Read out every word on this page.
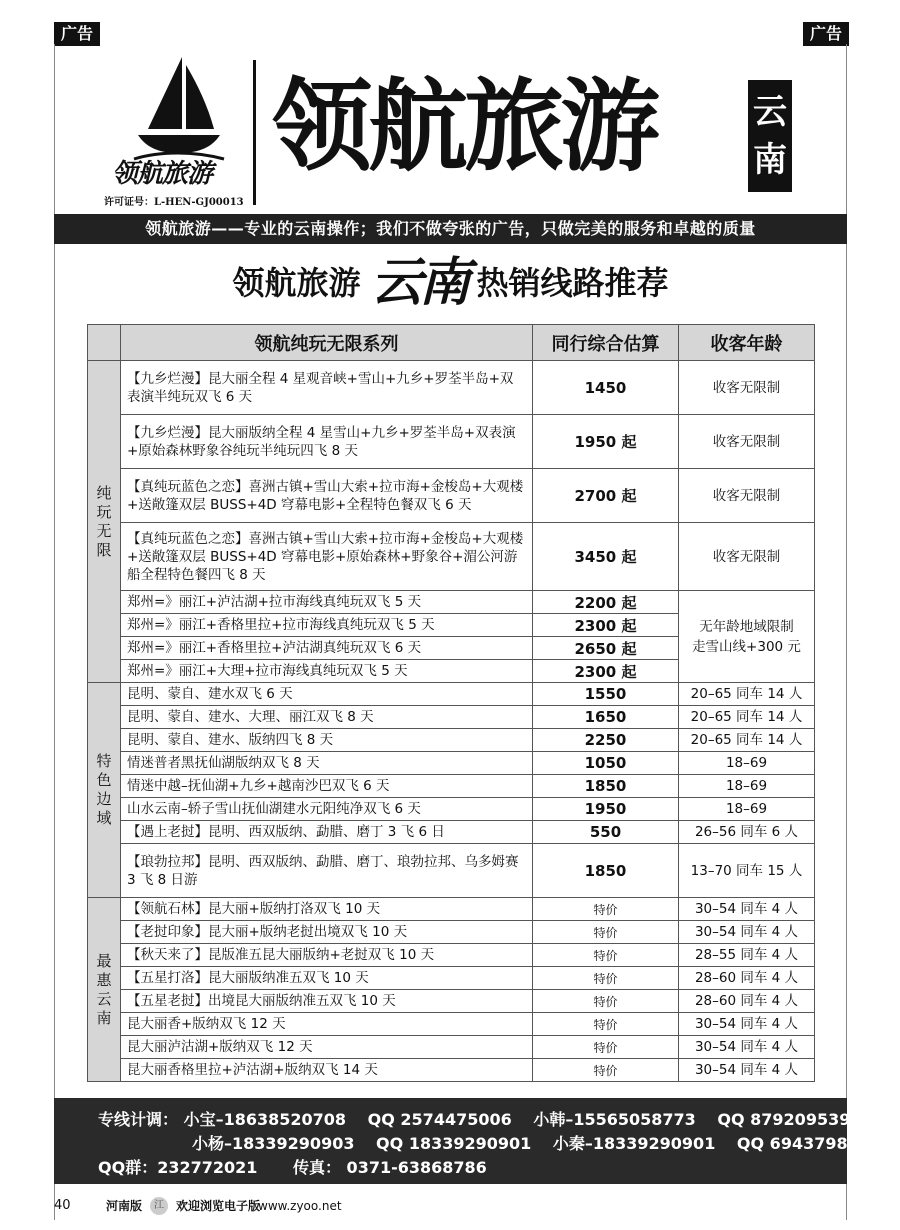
广告	广告
领航旅游
许可证号：L-HEN-GJ00013
领航旅游	云
南
领航旅游——专业的云南操作；我们不做夸张的广告，只做完美的服务和卓越的质量
领航旅游 云南 热销线路推荐
	领航纯玩无限系列	同行综合估算	收客年龄
纯
玩
无
限	【九乡烂漫】昆大丽全程 4 星观音峡+雪山+九乡+罗荃半岛+双表演半纯玩双飞 6 天	1450	收客无限制
	【九乡烂漫】昆大丽版纳全程 4 星雪山+九乡+罗荃半岛+双表演+原始森林野象谷纯玩半纯玩四飞 8 天	1950 起	收客无限制
	【真纯玩蓝色之恋】喜洲古镇+雪山大索+拉市海+金梭岛+大观楼+送敞篷双层 BUSS+4D 穹幕电影+全程特色餐双飞 6 天	2700 起	收客无限制
	【真纯玩蓝色之恋】喜洲古镇+雪山大索+拉市海+金梭岛+大观楼+送敞篷双层 BUSS+4D 穹幕电影+原始森林+野象谷+湄公河游船全程特色餐四飞 8 天	3450 起	收客无限制
	郑州=》丽江+泸沽湖+拉市海线真纯玩双飞 5 天	2200 起	无年龄地域限制
走雪山线+300 元

	郑州=》丽江+香格里拉+拉市海线真纯玩双飞 5 天	2300 起	
	郑州=》丽江+香格里拉+泸沽湖真纯玩双飞 6 天	2650 起	
	郑州=》丽江+大理+拉市海线真纯玩双飞 5 天	2300 起	
特
色
边
域	昆明、蒙自、建水双飞 6 天	1550	20–65 同车 14 人
	昆明、蒙自、建水、大理、丽江双飞 8 天	1650	20–65 同车 14 人
	昆明、蒙自、建水、版纳四飞 8 天	2250	20–65 同车 14 人
	情迷普者黑抚仙湖版纳双飞 8 天	1050	18–69
	情迷中越–抚仙湖+九乡+越南沙巴双飞 6 天	1850	18–69
	山水云南–轿子雪山抚仙湖建水元阳纯净双飞 6 天	1950	18–69
	【遇上老挝】昆明、西双版纳、勐腊、磨丁 3 飞 6 日	550	26–56 同车 6 人
	【琅勃拉邦】昆明、西双版纳、勐腊、磨丁、琅勃拉邦、乌多姆赛 3 飞 8 日游	1850	13–70 同车 15 人
最
惠
云
南	【领航石林】昆大丽+版纳打洛双飞 10 天	特价	30–54 同车 4 人
	【老挝印象】昆大丽+版纳老挝出境双飞 10 天	特价	30–54 同车 4 人
	【秋天来了】昆版准五昆大丽版纳+老挝双飞 10 天	特价	28–55 同车 4 人
	【五星打洛】昆大丽版纳准五双飞 10 天	特价	28–60 同车 4 人
	【五星老挝】出境昆大丽版纳准五双飞 10 天	特价	28–60 同车 4 人
	昆大丽香+版纳双飞 12 天	特价	30–54 同车 4 人
	昆大丽泸沽湖+版纳双飞 12 天	特价	30–54 同车 4 人
	昆大丽香格里拉+泸沽湖+版纳双飞 14 天	特价	30–54 同车 4 人
专线计调： 小宝–18638520708 QQ 2574475006 小韩–15565058773 QQ 879209539
小杨–18339290903 QQ 18339290901 小秦–18339290901 QQ 694379824
QQ群：232772021 传真： 0371-63868786
40	河南版	江	欢迎浏览电子版
www.zyoo.net
